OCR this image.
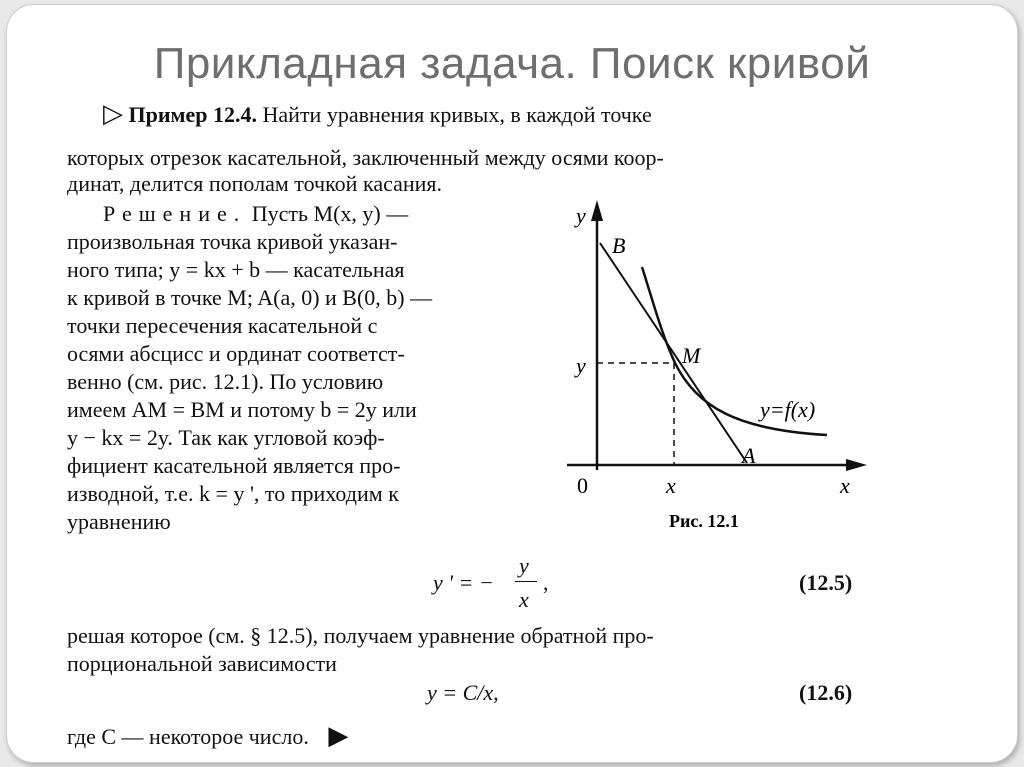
Прикладная задача. Поиск кривой
▷ Пример 12.4. Найти уравнения кривых, в каждой точке
которых отрезок касательной, заключенный между осями коор-
динат, делится пополам точкой касания.
Решение. Пусть M(x, y) —
произвольная точка кривой указан-
ного типа; y = kx + b — касательная
к кривой в точке M; A(a, 0) и B(0, b) —
точки пересечения касательной с
осями абсцисс и ординат соответст-
венно (см. рис. 12.1). По условию
имеем AM = BM и потому b = 2y или
y − kx = 2y. Так как угловой коэф-
фициент касательной является про-
изводной, т.е. k = y ', то приходим к
уравнению
y
x
0
B
M
A
y
x
y=f(x)
Рис. 12.1
y ' = −
y
x
,	(12.5)
решая которое (см. § 12.5), получаем уравнение обратной про-
порциональной зависимости
y = C/x,	(12.6)
где C — некоторое число. ▶
